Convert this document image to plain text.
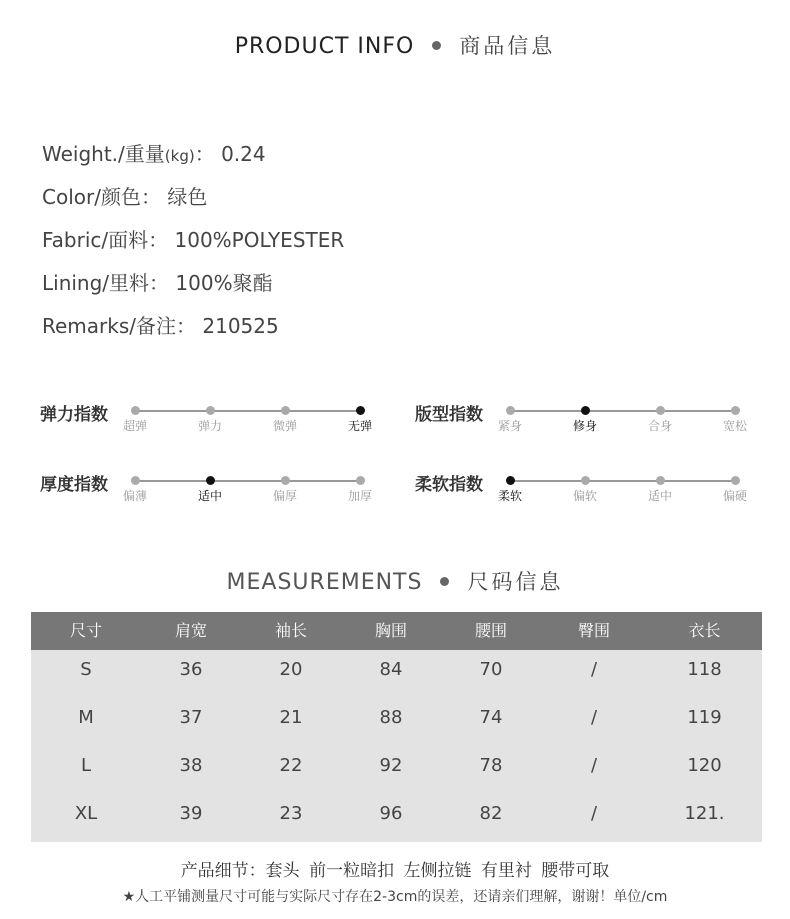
PRODUCT INFO 商品信息
Weight./重量(kg)： 0.24
Color/颜色： 绿色
Fabric/面料： 100%POLYESTER
Lining/里料： 100%聚酯
Remarks/备注： 210525
弹力指数
超弹	弹力	微弹	无弹
版型指数
紧身	修身	合身	宽松
厚度指数
偏薄	适中	偏厚	加厚
柔软指数
柔软	偏软	适中	偏硬
MEASUREMENTS 尺码信息
尺寸	肩宽	袖长	胸围	腰围	臀围	衣长
S	36	20	84	70	/	118
M	37	21	88	74	/	119
L	38	22	92	78	/	120
XL	39	23	96	82	/	121.
产品细节：套头 前一粒暗扣 左侧拉链 有里衬 腰带可取
★人工平铺测量尺寸可能与实际尺寸存在2-3cm的误差，还请亲们理解，谢谢！单位/cm
